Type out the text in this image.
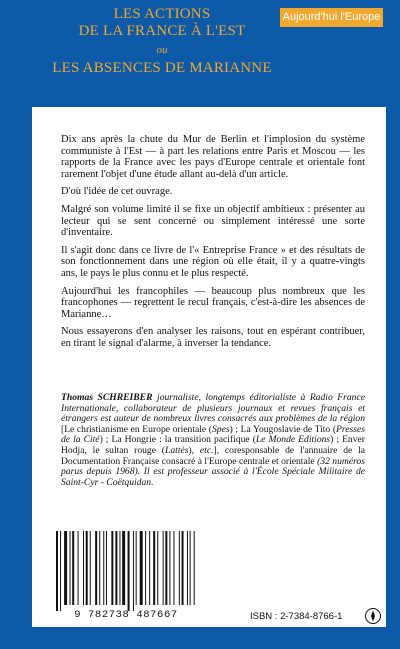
LES ACTIONS
DE LA FRANCE À L'EST
ou
LES ABSENCES DE MARIANNE
Aujourd'hui l'Europe

Dix ans après la chute du Mur de Berlin et l'implosion du système communiste à l'Est — à part les relations entre Paris et Moscou — les rapports de la France avec les pays d'Europe centrale et orientale font rarement l'objet d'une étude allant au-delà d'un article.

D'où l'idée de cet ouvrage.

Malgré son volume limité il se fixe un objectif ambitieux : présenter au lecteur qui se sent concerné ou simplement intéressé une sorte d'inventaire.

Il s'agit donc dans ce livre de l'« Entreprise France » et des résultats de son fonctionnement dans une région où elle était, il y a quatre-vingts ans, le pays le plus connu et le plus respecté.

Aujourd'hui les francophiles — beaucoup plus nombreux que les francophones — regrettent le recul français, c'est-à-dire les absences de Marianne…

Nous essayerons d'en analyser les raisons, tout en espérant contribuer, en tirant le signal d'alarme, à inverser la tendance.

Thomas SCHREIBER journaliste, longtemps éditorialiste à Radio France Internationale, collaborateur de plusieurs journaux et revues français et étrangers est auteur de nombreux livres consacrés aux problèmes de la région [Le christianisme en Europe orientale (Spes) ; La Yougoslavie de Tito (Presses de la Cité) ; La Hongrie : la transition pacifique (Le Monde Editions) ; Enver Hodja, le sultan rouge (Lattès), etc.], coresponsable de l'annuaire de la Documentation Française consacré à l'Europe centrale et orientale (32 numéros parus depuis 1968). Il est professeur associé à l'École Spéciale Militaire de Saint-Cyr - Coëtquidan.
9 782738 487667	ISBN : 2-7384-8766-1
